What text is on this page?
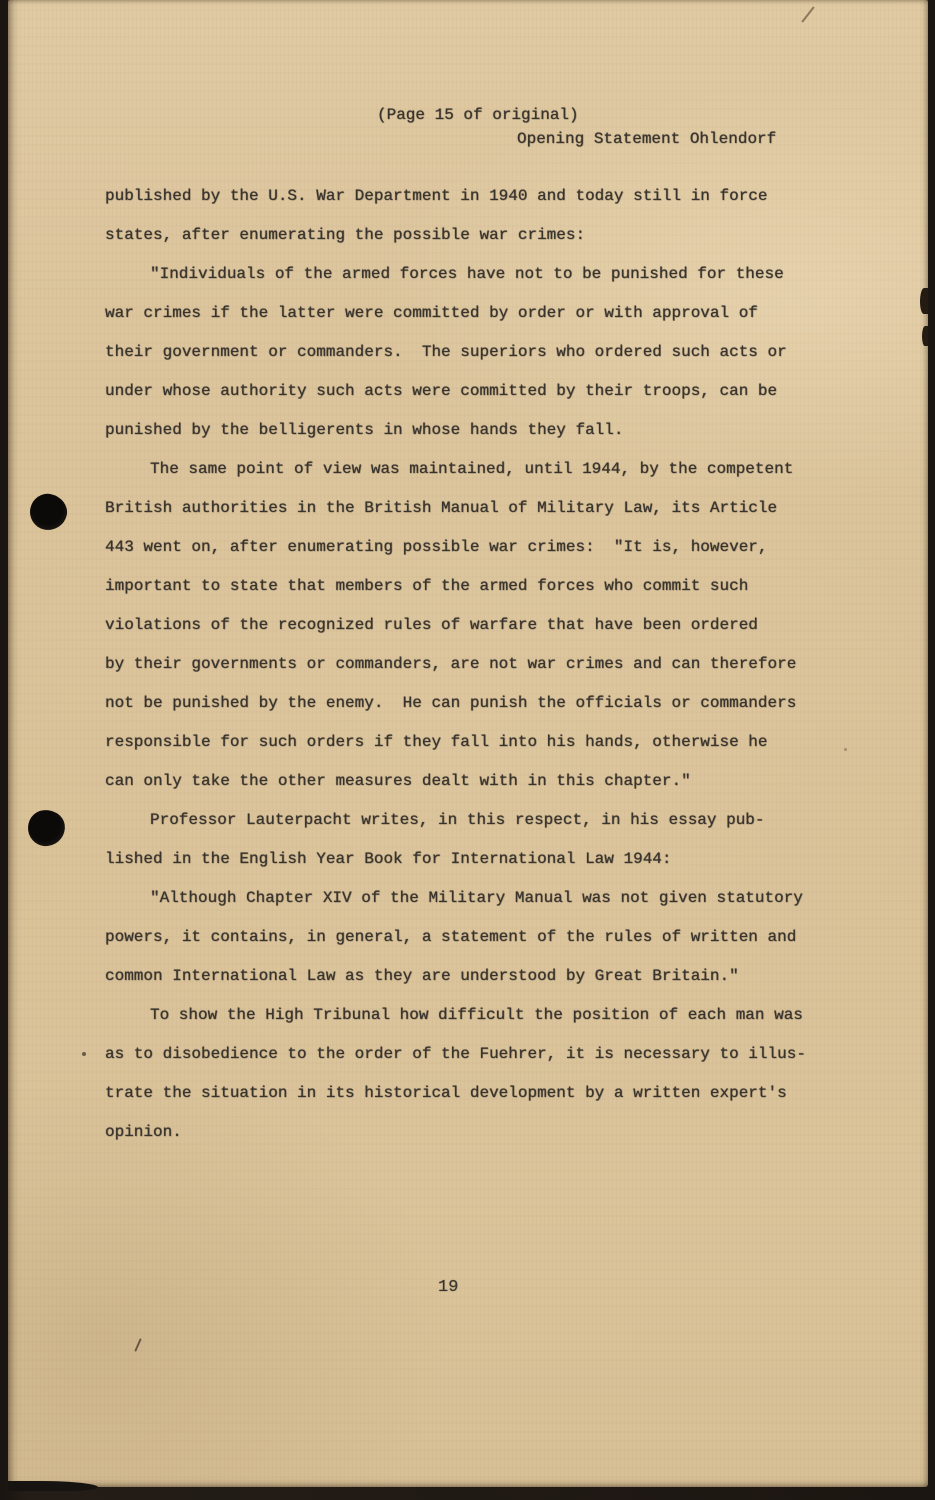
(Page 15 of original)
Opening Statement Ohlendorf
published by the U.S. War Department in 1940 and today still in force
states, after enumerating the possible war crimes:
"Individuals of the armed forces have not to be punished for these
war crimes if the latter were committed by order or with approval of
their government or commanders.  The superiors who ordered such acts or
under whose authority such acts were committed by their troops, can be
punished by the belligerents in whose hands they fall.
The same point of view was maintained, until 1944, by the competent
British authorities in the British Manual of Military Law, its Article
443 went on, after enumerating possible war crimes:  "It is, however,
important to state that members of the armed forces who commit such
violations of the recognized rules of warfare that have been ordered
by their governments or commanders, are not war crimes and can therefore
not be punished by the enemy.  He can punish the officials or commanders
responsible for such orders if they fall into his hands, otherwise he
can only take the other measures dealt with in this chapter."
Professor Lauterpacht writes, in this respect, in his essay pub-
lished in the English Year Book for International Law 1944:
"Although Chapter XIV of the Military Manual was not given statutory
powers, it contains, in general, a statement of the rules of written and
common International Law as they are understood by Great Britain."
To show the High Tribunal how difficult the position of each man was
as to disobedience to the order of the Fuehrer, it is necessary to illus-
trate the situation in its historical development by a written expert's
opinion.
19
